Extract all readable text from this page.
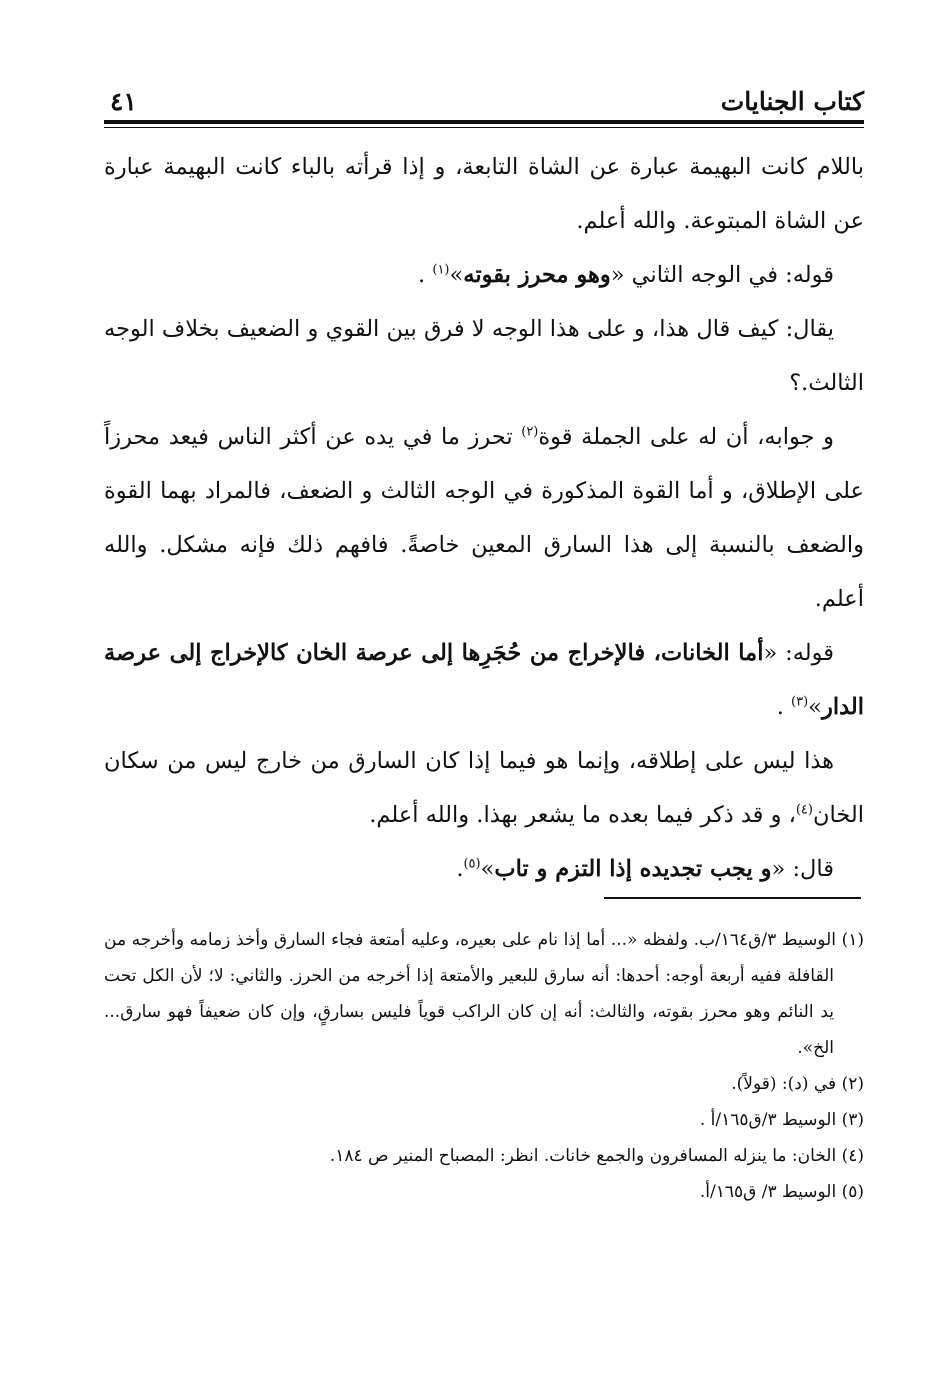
كتاب الجنايات
٤١

باللام كانت البهيمة عبارة عن الشاة التابعة، و إذا قرأته بالباء كانت البهيمة عبارة عن الشاة المبتوعة. والله أعلم.

قوله: في الوجه الثاني «وهو محرز بقوته»$^{(١)}$ .

يقال: كيف قال هذا، و على هذا الوجه لا فرق بين القوي و الضعيف بخلاف الوجه الثالث.؟

و جوابه، أن له على الجملة قوة$^{(٢)}$ تحرز ما في يده عن أكثر الناس فيعد محرزاً على الإطلاق، و أما القوة المذكورة في الوجه الثالث و الضعف، فالمراد بهما القوة والضعف بالنسبة إلى هذا السارق المعين خاصةً. فافهم ذلك فإنه مشكل. والله أعلم.

قوله: «أما الخانات، فالإخراج من حُجَرِها إلى عرصة الخان كالإخراج إلى عرصة الدار»$^{(٣)}$ .

هذا ليس على إطلاقه، وإنما هو فيما إذا كان السارق من خارج ليس من سكان الخان$^{(٤)}$، و قد ذكر فيما بعده ما يشعر بهذا. والله أعلم.

قال: «و يجب تجديده إذا التزم و تاب»$^{(٥)}$.

(١) الوسيط ٣/ق١٦٤/ب. ولفظه «... أما إذا نام على بعيره، وعليه أمتعة فجاء السارق وأخذ زمامه وأخرجه من القافلة ففيه أربعة أوجه: أحدها: أنه سارق للبعير والأمتعة إذا أخرجه من الحرز. والثاني: لا؛ لأن الكل تحت يد النائم وهو محرز بقوته، والثالث: أنه إن كان الراكب قوياً فليس بسارقٍ، وإن كان ضعيفاً فهو سارق... الخ».

(٢) في (د): (قولاً).

(٣) الوسيط ٣/ق١٦٥/أ .

(٤) الخان: ما ينزله المسافرون والجمع خانات. انظر: المصباح المنير ص ١٨٤.

(٥) الوسيط ٣/ ق١٦٥/أ.
